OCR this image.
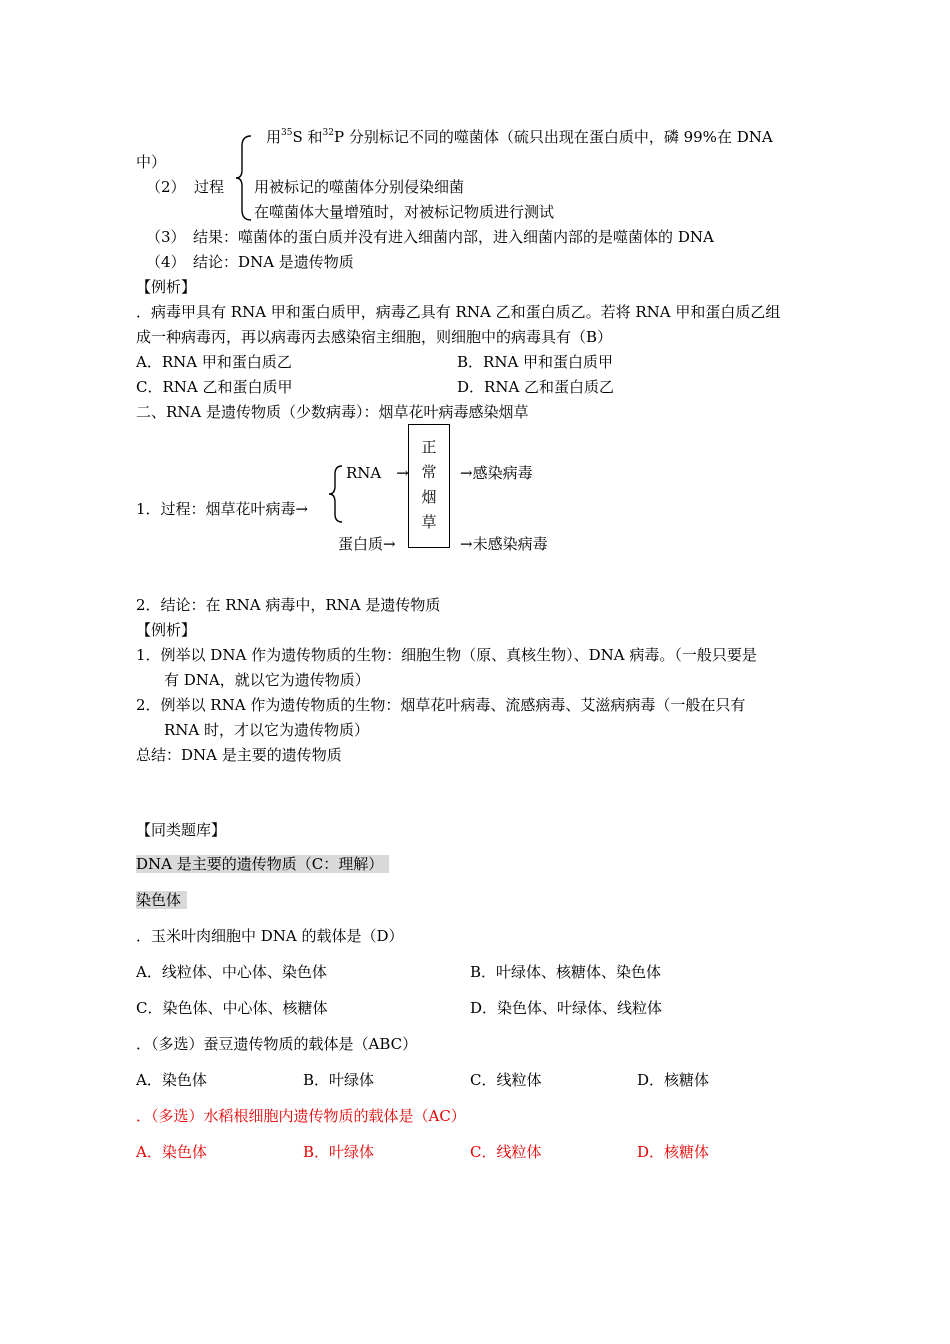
用$^{35}$S 和$^{32}$P 分别标记不同的噬菌体（硫只出现在蛋白质中，磷 99%在 DNA
中）
（2） 过程 用被标记的噬菌体分别侵染细菌
在噬菌体大量增殖时，对被标记物质进行测试
（3）　结果：噬菌体的蛋白质并没有进入细菌内部，进入细菌内部的是噬菌体的 DNA
（4）　结论：DNA 是遗传物质
【例析】
．病毒甲具有 RNA 甲和蛋白质甲，病毒乙具有 RNA 乙和蛋白质乙。若将 RNA 甲和蛋白质乙组
成一种病毒丙，再以病毒丙去感染宿主细胞，则细胞中的病毒具有（B）
A．RNA 甲和蛋白质乙	B．RNA 甲和蛋白质甲
C．RNA 乙和蛋白质甲	D．RNA 乙和蛋白质乙
二、RNA 是遗传物质（少数病毒）：烟草花叶病毒感染烟草
RNA　→
1．过程：烟草花叶病毒→
蛋白质→
正
常
烟
草
→感染病毒
→未感染病毒
2．结论：在 RNA 病毒中，RNA 是遗传物质
【例析】
1．例举以 DNA 作为遗传物质的生物：细胞生物（原、真核生物）、DNA 病毒。（一般只要是
有 DNA，就以它为遗传物质）
2．例举以 RNA 作为遗传物质的生物：烟草花叶病毒、流感病毒、艾滋病病毒（一般在只有
RNA 时，才以它为遗传物质）
总结：DNA 是主要的遗传物质
【同类题库】
DNA 是主要的遗传物质（C：理解）
染色体
．玉米叶肉细胞中 DNA 的载体是（D）
A．线粒体、中心体、染色体	B．叶绿体、核糖体、染色体
C．染色体、中心体、核糖体	D．染色体、叶绿体、线粒体
．（多选）蚕豆遗传物质的载体是（ABC）
A．染色体	B．叶绿体	C．线粒体	D．核糖体
．（多选）水稻根细胞内遗传物质的载体是（AC）
A．染色体	B．叶绿体	C．线粒体	D．核糖体
